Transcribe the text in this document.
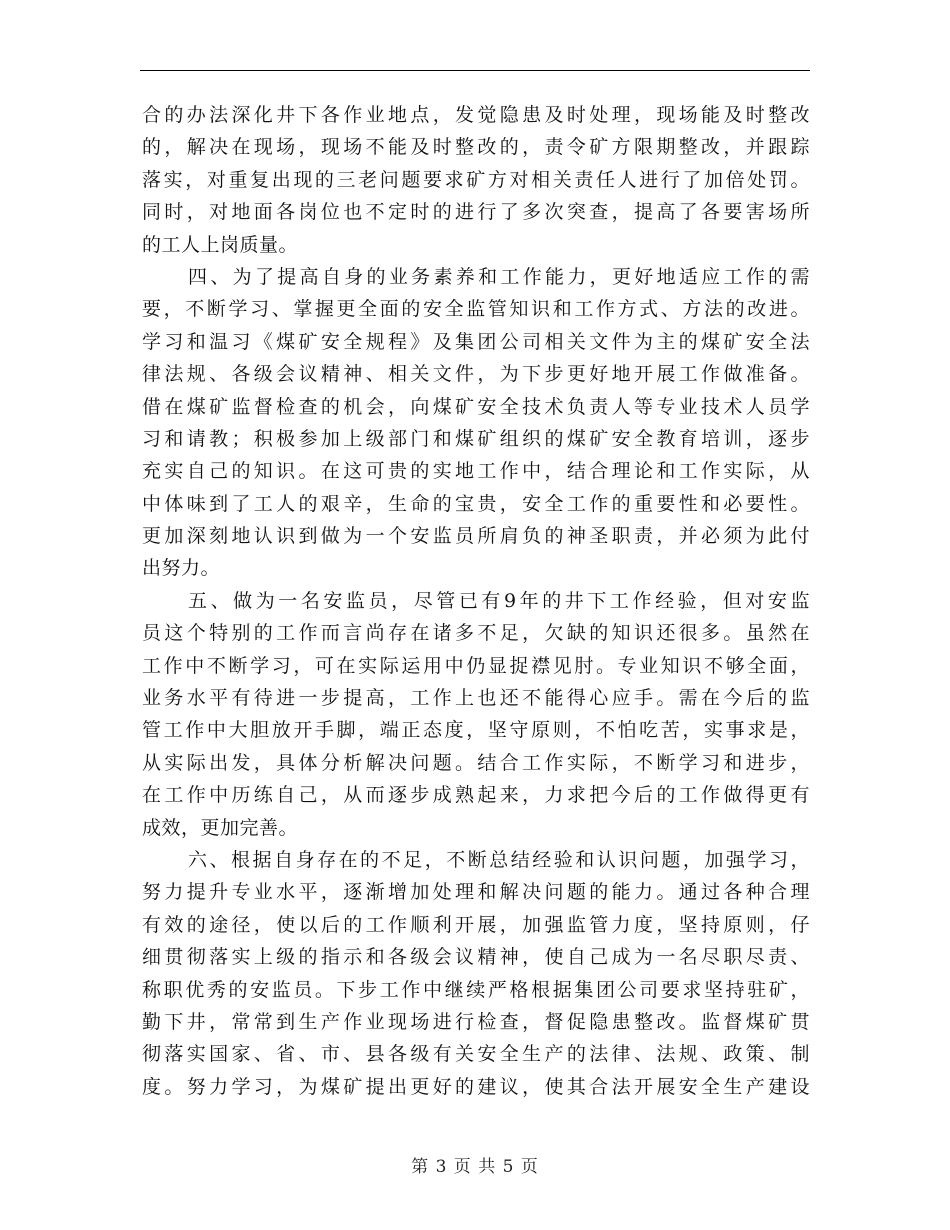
合的办法深化井下各作业地点，发觉隐患及时处理，现场能及时整改
的，解决在现场，现场不能及时整改的，责令矿方限期整改，并跟踪
落实，对重复出现的三老问题要求矿方对相关责任人进行了加倍处罚。
同时，对地面各岗位也不定时的进行了多次突查，提高了各要害场所
的工人上岗质量。
四、为了提高自身的业务素养和工作能力，更好地适应工作的需
要，不断学习、掌握更全面的安全监管知识和工作方式、方法的改进。
学习和温习《煤矿安全规程》及集团公司相关文件为主的煤矿安全法
律法规、各级会议精神、相关文件，为下步更好地开展工作做准备。
借在煤矿监督检查的机会，向煤矿安全技术负责人等专业技术人员学
习和请教；积极参加上级部门和煤矿组织的煤矿安全教育培训，逐步
充实自己的知识。在这可贵的实地工作中，结合理论和工作实际，从
中体味到了工人的艰辛，生命的宝贵，安全工作的重要性和必要性。
更加深刻地认识到做为一个安监员所肩负的神圣职责，并必须为此付
出努力。
五、做为一名安监员，尽管已有9年的井下工作经验，但对安监
员这个特别的工作而言尚存在诸多不足，欠缺的知识还很多。虽然在
工作中不断学习，可在实际运用中仍显捉襟见肘。专业知识不够全面，
业务水平有待进一步提高，工作上也还不能得心应手。需在今后的监
管工作中大胆放开手脚，端正态度，坚守原则，不怕吃苦，实事求是，
从实际出发，具体分析解决问题。结合工作实际，不断学习和进步，
在工作中历练自己，从而逐步成熟起来，力求把今后的工作做得更有
成效，更加完善。
六、根据自身存在的不足，不断总结经验和认识问题，加强学习，
努力提升专业水平，逐渐增加处理和解决问题的能力。通过各种合理
有效的途径，使以后的工作顺利开展，加强监管力度，坚持原则，仔
细贯彻落实上级的指示和各级会议精神，使自己成为一名尽职尽责、
称职优秀的安监员。下步工作中继续严格根据集团公司要求坚持驻矿，
勤下井，常常到生产作业现场进行检查，督促隐患整改。监督煤矿贯
彻落实国家、省、市、县各级有关安全生产的法律、法规、政策、制
度。努力学习，为煤矿提出更好的建议，使其合法开展安全生产建设
第 3 页 共 5 页
